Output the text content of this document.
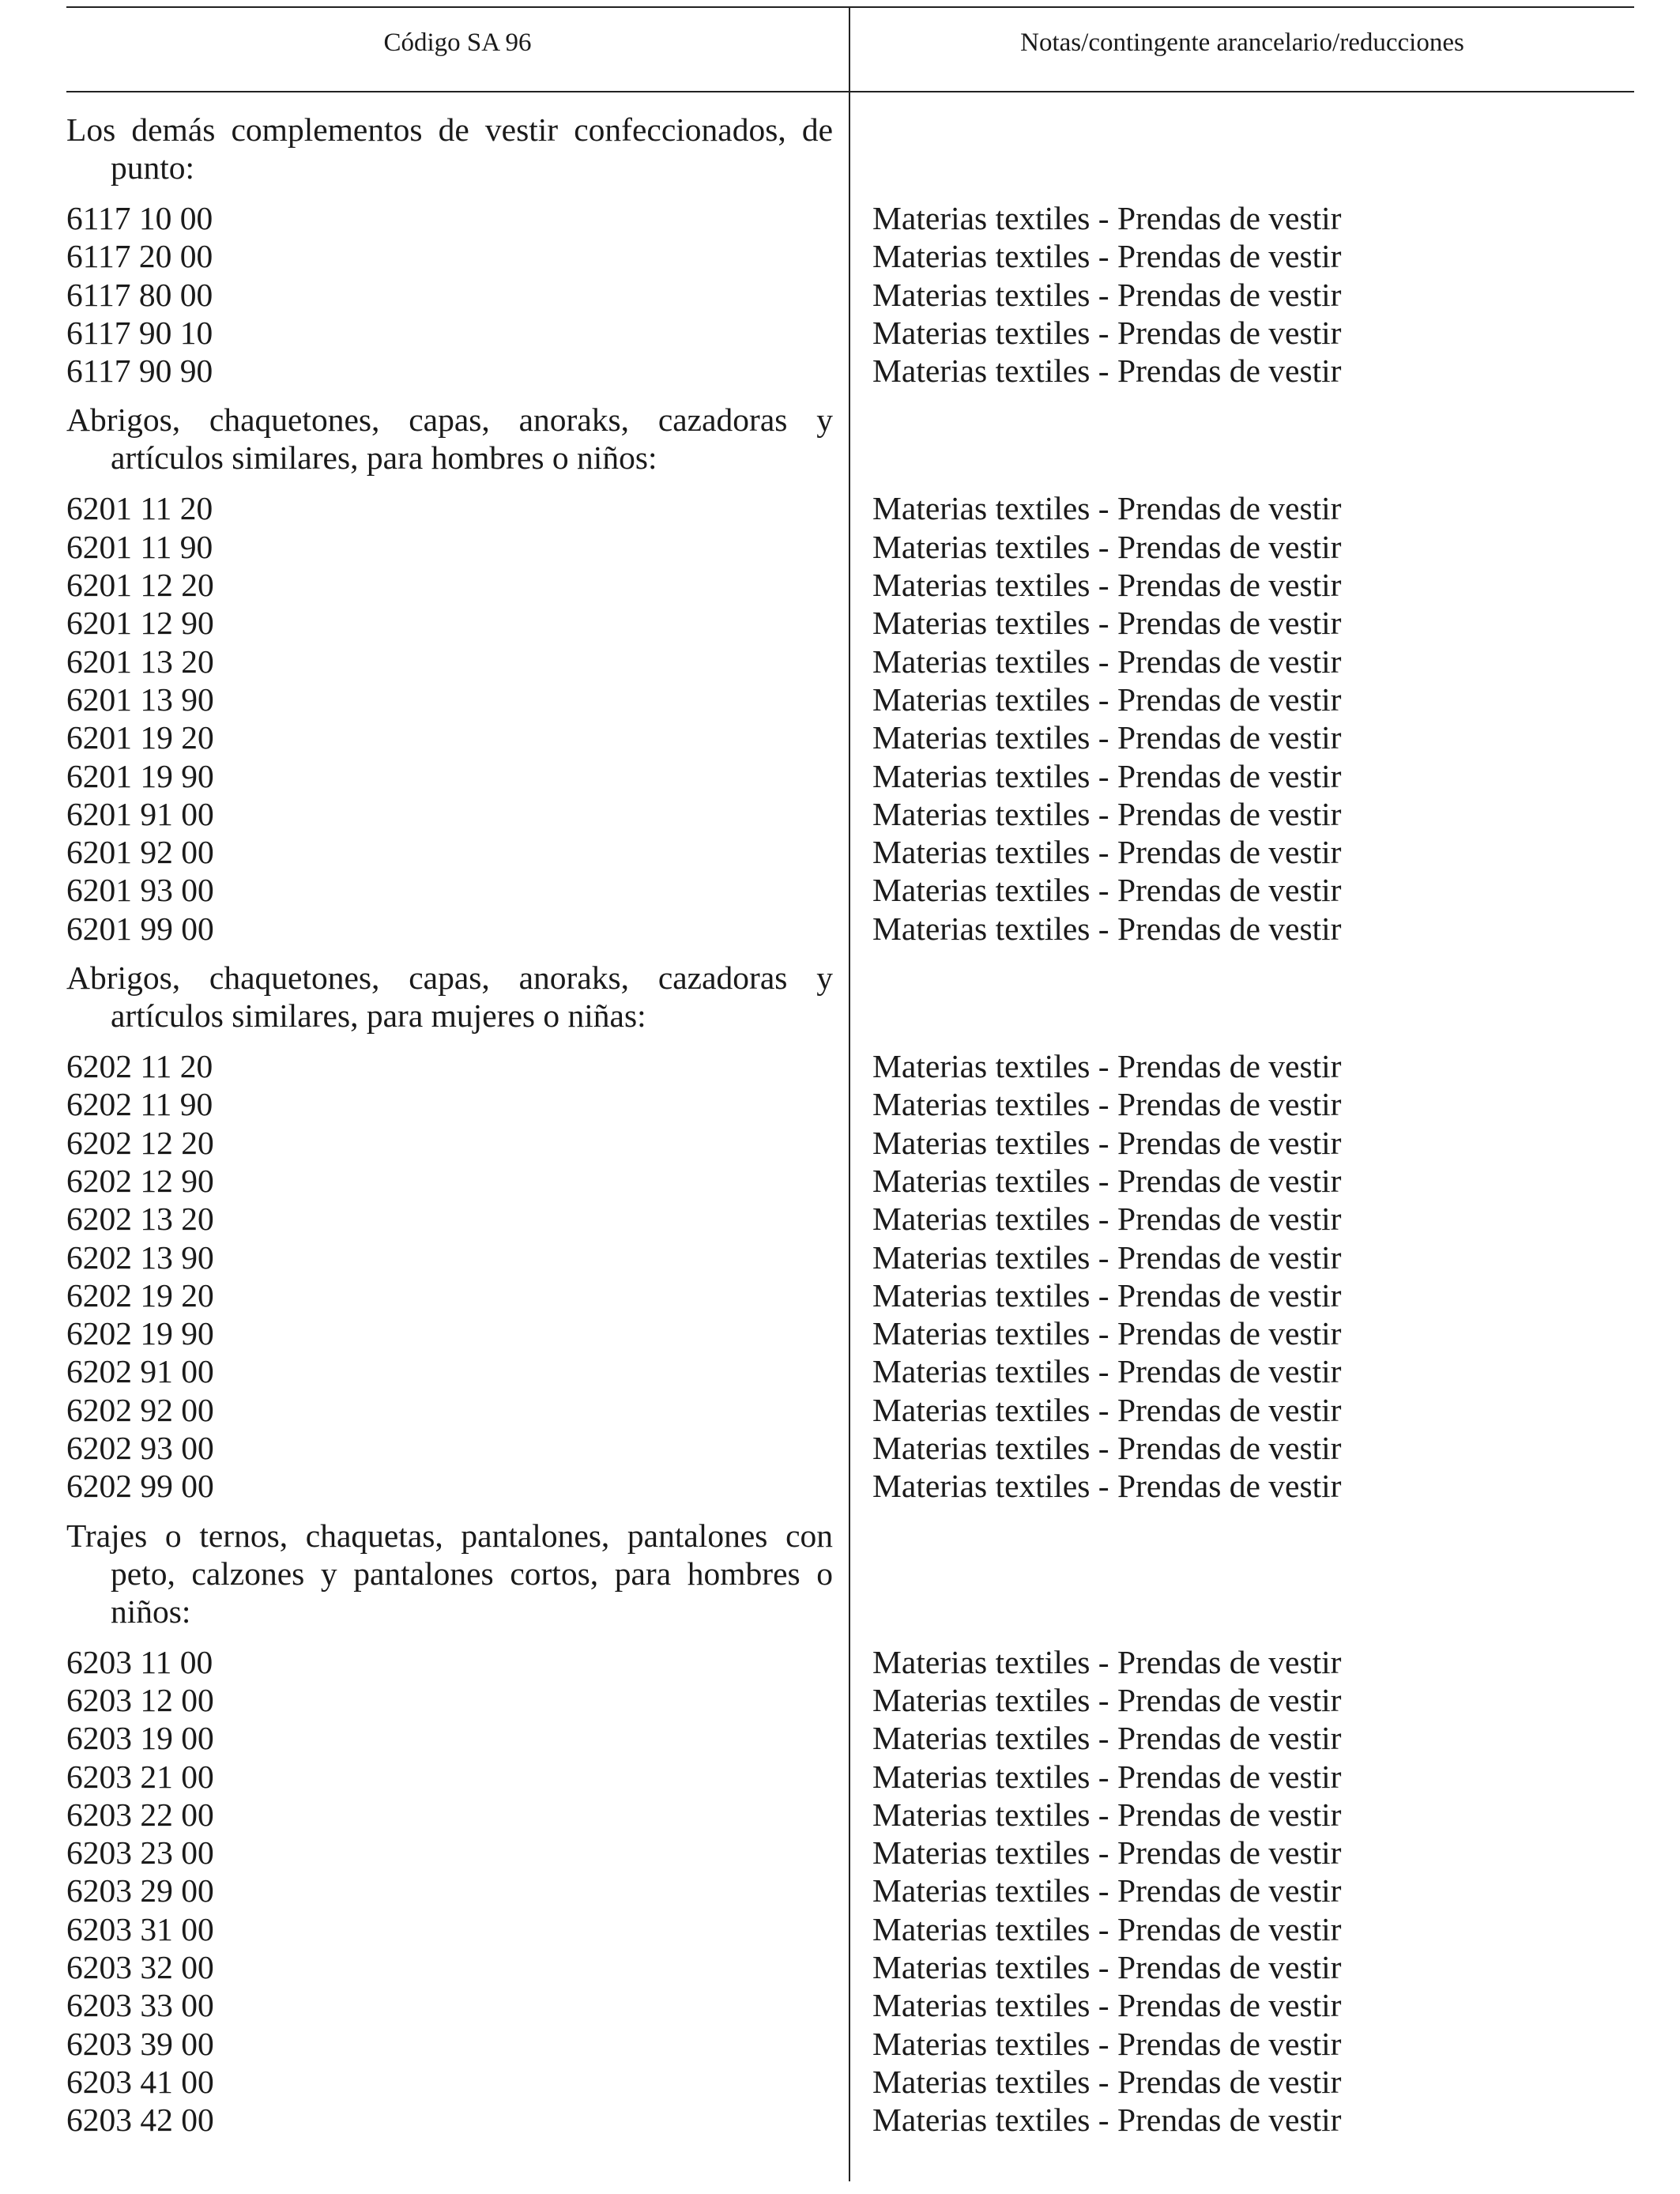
Código SA 96	Notas/contingente arancelario/reducciones
Los demás complementos de vestir confeccionados, de punto:
6117 10 00	Materias textiles - Prendas de vestir
6117 20 00	Materias textiles - Prendas de vestir
6117 80 00	Materias textiles - Prendas de vestir
6117 90 10	Materias textiles - Prendas de vestir
6117 90 90	Materias textiles - Prendas de vestir
Abrigos, chaquetones, capas, anoraks, cazadoras y artículos similares, para hombres o niños:
6201 11 20	Materias textiles - Prendas de vestir
6201 11 90	Materias textiles - Prendas de vestir
6201 12 20	Materias textiles - Prendas de vestir
6201 12 90	Materias textiles - Prendas de vestir
6201 13 20	Materias textiles - Prendas de vestir
6201 13 90	Materias textiles - Prendas de vestir
6201 19 20	Materias textiles - Prendas de vestir
6201 19 90	Materias textiles - Prendas de vestir
6201 91 00	Materias textiles - Prendas de vestir
6201 92 00	Materias textiles - Prendas de vestir
6201 93 00	Materias textiles - Prendas de vestir
6201 99 00	Materias textiles - Prendas de vestir
Abrigos, chaquetones, capas, anoraks, cazadoras y artículos similares, para mujeres o niñas:
6202 11 20	Materias textiles - Prendas de vestir
6202 11 90	Materias textiles - Prendas de vestir
6202 12 20	Materias textiles - Prendas de vestir
6202 12 90	Materias textiles - Prendas de vestir
6202 13 20	Materias textiles - Prendas de vestir
6202 13 90	Materias textiles - Prendas de vestir
6202 19 20	Materias textiles - Prendas de vestir
6202 19 90	Materias textiles - Prendas de vestir
6202 91 00	Materias textiles - Prendas de vestir
6202 92 00	Materias textiles - Prendas de vestir
6202 93 00	Materias textiles - Prendas de vestir
6202 99 00	Materias textiles - Prendas de vestir
Trajes o ternos, chaquetas, pantalones, pantalones con peto, calzones y pantalones cortos, para hombres o niños:
6203 11 00	Materias textiles - Prendas de vestir
6203 12 00	Materias textiles - Prendas de vestir
6203 19 00	Materias textiles - Prendas de vestir
6203 21 00	Materias textiles - Prendas de vestir
6203 22 00	Materias textiles - Prendas de vestir
6203 23 00	Materias textiles - Prendas de vestir
6203 29 00	Materias textiles - Prendas de vestir
6203 31 00	Materias textiles - Prendas de vestir
6203 32 00	Materias textiles - Prendas de vestir
6203 33 00	Materias textiles - Prendas de vestir
6203 39 00	Materias textiles - Prendas de vestir
6203 41 00	Materias textiles - Prendas de vestir
6203 42 00	Materias textiles - Prendas de vestir
